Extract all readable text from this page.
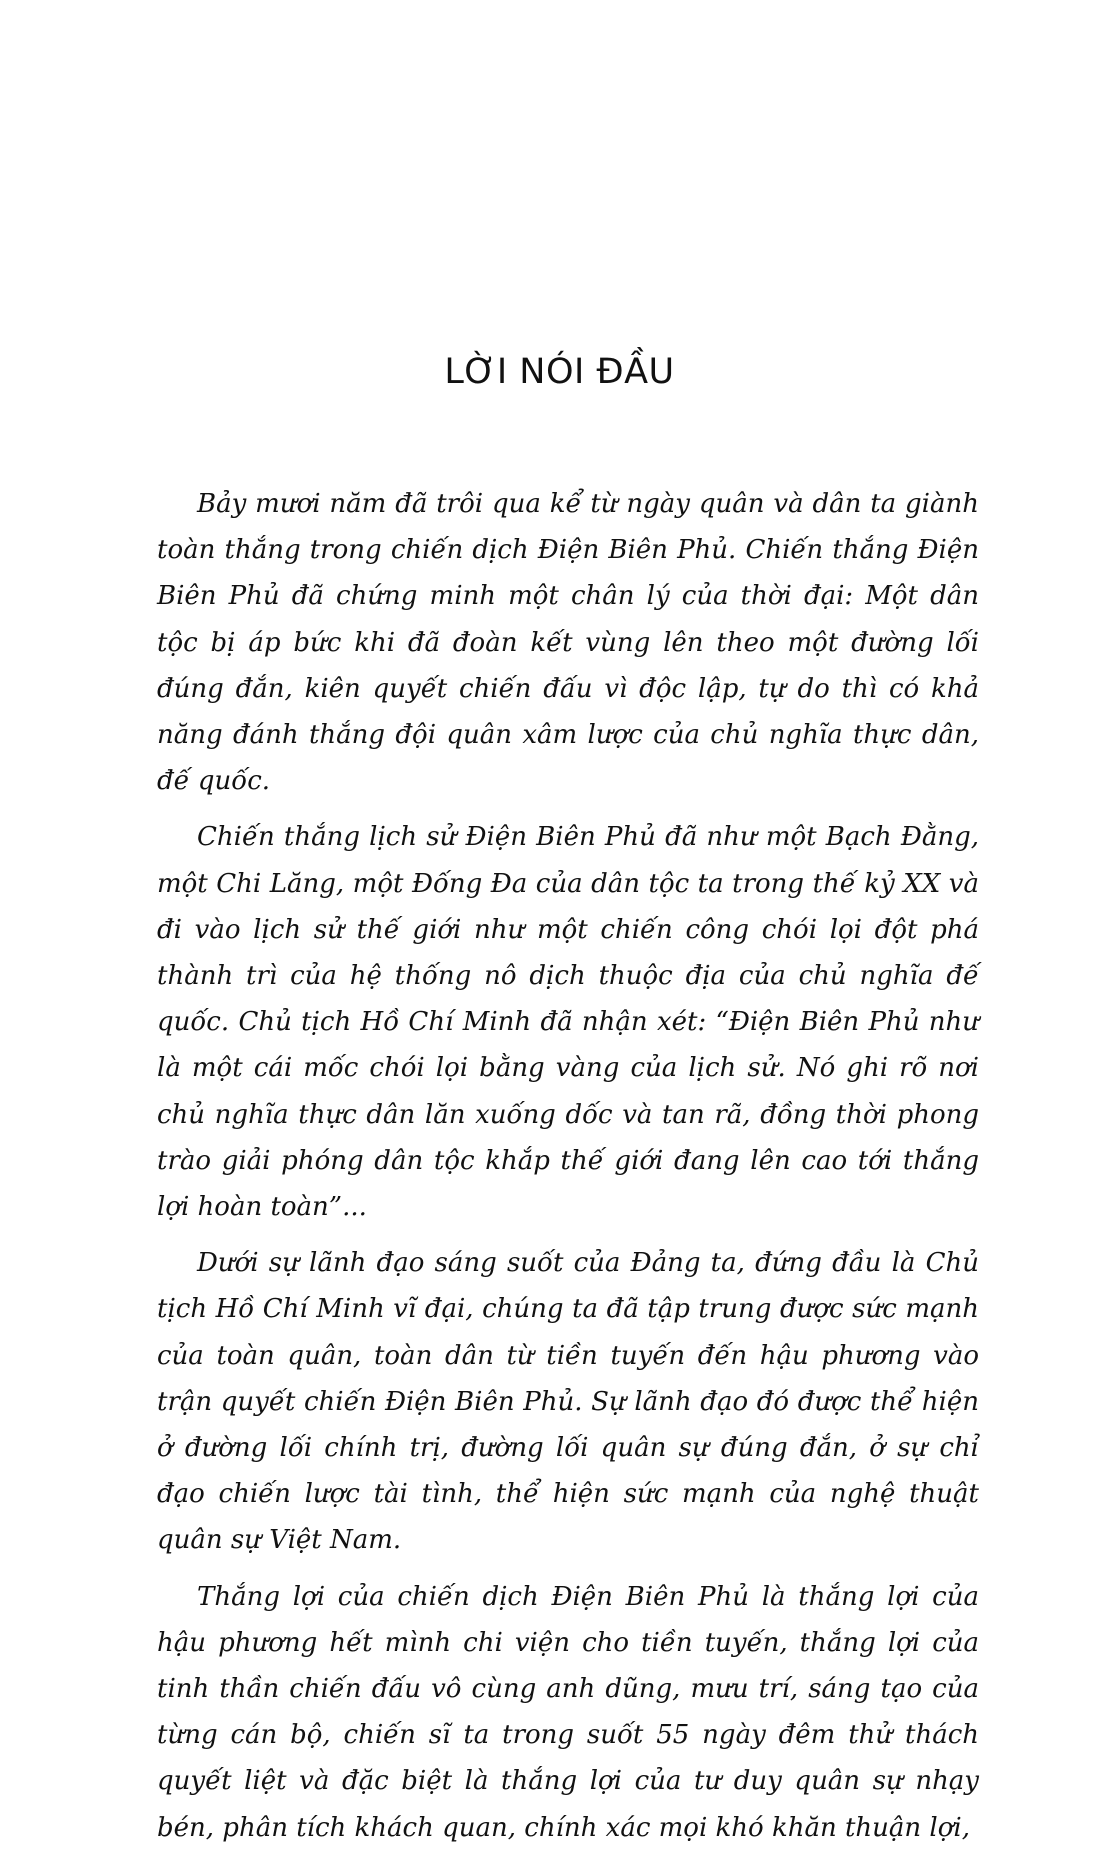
LỜI NÓI ĐẦU

Bảy mươi năm đã trôi qua kể từ ngày quân và dân ta giành toàn thắng trong chiến dịch Điện Biên Phủ. Chiến thắng Điện Biên Phủ đã chứng minh một chân lý của thời đại: Một dân tộc bị áp bức khi đã đoàn kết vùng lên theo một đường lối đúng đắn, kiên quyết chiến đấu vì độc lập, tự do thì có khả năng đánh thắng đội quân xâm lược của chủ nghĩa thực dân, đế quốc.

Chiến thắng lịch sử Điện Biên Phủ đã như một Bạch Đằng, một Chi Lăng, một Đống Đa của dân tộc ta trong thế kỷ XX và đi vào lịch sử thế giới như một chiến công chói lọi đột phá thành trì của hệ thống nô dịch thuộc địa của chủ nghĩa đế quốc. Chủ tịch Hồ Chí Minh đã nhận xét: “Điện Biên Phủ như là một cái mốc chói lọi bằng vàng của lịch sử. Nó ghi rõ nơi chủ nghĩa thực dân lăn xuống dốc và tan rã, đồng thời phong trào giải phóng dân tộc khắp thế giới đang lên cao tới thắng lợi hoàn toàn”...

Dưới sự lãnh đạo sáng suốt của Đảng ta, đứng đầu là Chủ tịch Hồ Chí Minh vĩ đại, chúng ta đã tập trung được sức mạnh của toàn quân, toàn dân từ tiền tuyến đến hậu phương vào trận quyết chiến Điện Biên Phủ. Sự lãnh đạo đó được thể hiện ở đường lối chính trị, đường lối quân sự đúng đắn, ở sự chỉ đạo chiến lược tài tình, thể hiện sức mạnh của nghệ thuật quân sự Việt Nam.

Thắng lợi của chiến dịch Điện Biên Phủ là thắng lợi của hậu phương hết mình chi viện cho tiền tuyến, thắng lợi của tinh thần chiến đấu vô cùng anh dũng, mưu trí, sáng tạo của từng cán bộ, chiến sĩ ta trong suốt 55 ngày đêm thử thách quyết liệt và đặc biệt là thắng lợi của tư duy quân sự nhạy bén, phân tích khách quan, chính xác mọi khó khăn thuận lợi,
